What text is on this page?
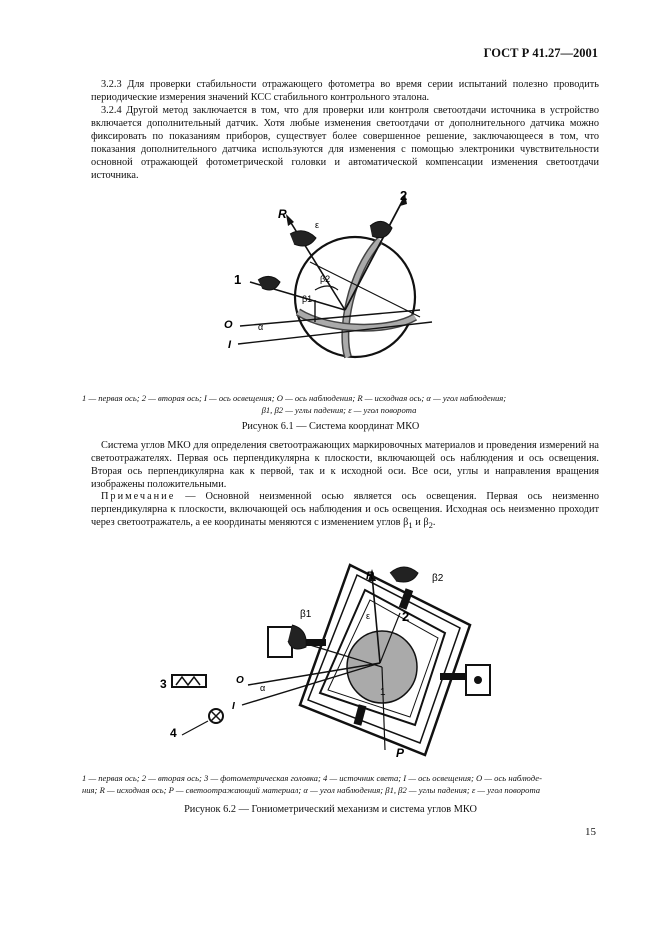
ГОСТ Р 41.27—2001
3.2.3 Для проверки стабильности отражающего фотометра во время серии испытаний полезно проводить периодические измерения значений КСС стабильного контрольного эталона.
3.2.4 Другой метод заключается в том, что для проверки или контроля светоотдачи источника в устройство включается дополнительный датчик. Хотя любые изменения светоотдачи от дополнительного датчика можно фиксировать по показаниям приборов, существует более совершенное решение, заключающееся в том, что показания дополнительного датчика используются для изменения с помощью электроники чувствительности основной отражающей фотометрической головки и автоматической компенсации изменения светоотдачи источника.
R
ε
2
1	β2
β1
O	α
I
1 — первая ось; 2 — вторая ось; I — ось освещения; O — ось наблюдения; R — исходная ось; α — угол наблюдения;
β1, β2 — углы падения; ε — угол поворота
Рисунок 6.1 — Система координат МКО
Система углов МКО для определения светоотражающих маркировочных материалов и проведения измерений на светоотражателях. Первая ось перпендикулярна к плоскости, включающей ось наблюдения и ось освещения. Вторая ось перпендикулярна как к первой, так и к исходной оси. Все оси, углы и направления вращения изображены положительными.
Примечание — Основной неизменной осью является ось освещения. Первая ось неизменно перпендикулярна к плоскости, включающей ось наблюдения и ось освещения. Исходная ось неизменно проходит через светоотражатель, а ее координаты меняются с изменением углов $\beta_1$ и $\beta_2$.
R	β2
2
β1	ε
O
α
3
I
4
1
P
1 — первая ось; 2 — вторая ось; 3 — фотометрическая головка; 4 — источник света; I — ось освещения; O — ось наблюде-
ния; R — исходная ось; P — светоотражающий материал; α — угол наблюдения; β1, β2 — углы падения; ε — угол поворота
Рисунок 6.2 — Гониометрический механизм и система углов МКО
15
